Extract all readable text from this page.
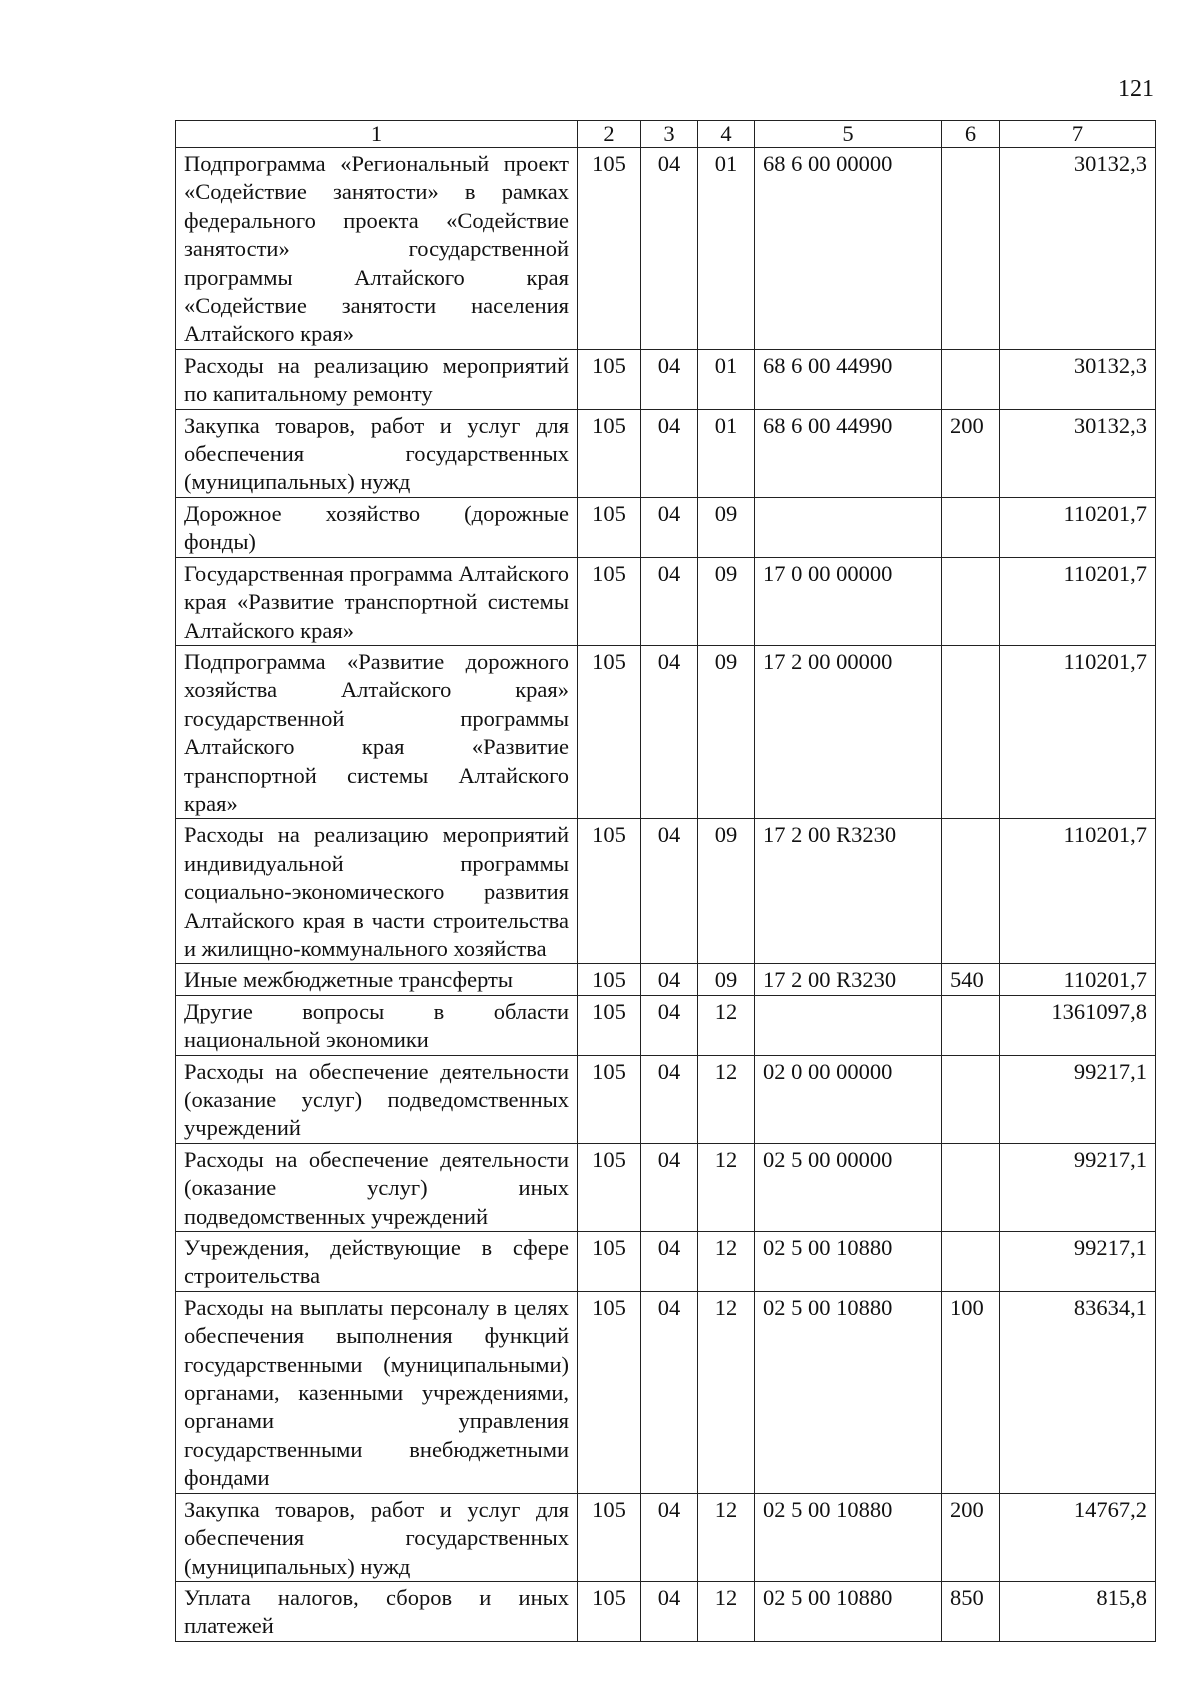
121
1	2	3	4	5	6	7
Подпрограмма «Региональный проект «Содействие занятости» в рамках федерального проекта «Содействие занятости» государственной программы Алтайского края «Содействие занятости населения Алтайского края»	105	04	01	68 6 00 00000		30132,3
Расходы на реализацию мероприятий по капитальному ремонту	105	04	01	68 6 00 44990		30132,3
Закупка товаров, работ и услуг для обеспечения государственных (муниципальных) нужд	105	04	01	68 6 00 44990	200	30132,3
Дорожное хозяйство (дорожные фонды)	105	04	09			110201,7
Государственная программа Алтайского края «Развитие транспортной системы Алтайского края»	105	04	09	17 0 00 00000		110201,7
Подпрограмма «Развитие дорожного хозяйства Алтайского края» государственной программы Алтайского края «Развитие транспортной системы Алтайского края»	105	04	09	17 2 00 00000		110201,7
Расходы на реализацию мероприятий индивидуальной программы социально-экономического развития Алтайского края в части строительства и жилищно-коммунального хозяйства	105	04	09	17 2 00 R3230		110201,7
Иные межбюджетные трансферты	105	04	09	17 2 00 R3230	540	110201,7
Другие вопросы в области национальной экономики	105	04	12			1361097,8
Расходы на обеспечение деятельности (оказание услуг) подведомственных учреждений	105	04	12	02 0 00 00000		99217,1
Расходы на обеспечение деятельности (оказание услуг) иных подведомственных учреждений	105	04	12	02 5 00 00000		99217,1
Учреждения, действующие в сфере строительства	105	04	12	02 5 00 10880		99217,1
Расходы на выплаты персоналу в целях обеспечения выполнения функций государственными (муниципальными) органами, казенными учреждениями, органами управления государственными внебюджетными фондами	105	04	12	02 5 00 10880	100	83634,1
Закупка товаров, работ и услуг для обеспечения государственных (муниципальных) нужд	105	04	12	02 5 00 10880	200	14767,2
Уплата налогов, сборов и иных платежей	105	04	12	02 5 00 10880	850	815,8
